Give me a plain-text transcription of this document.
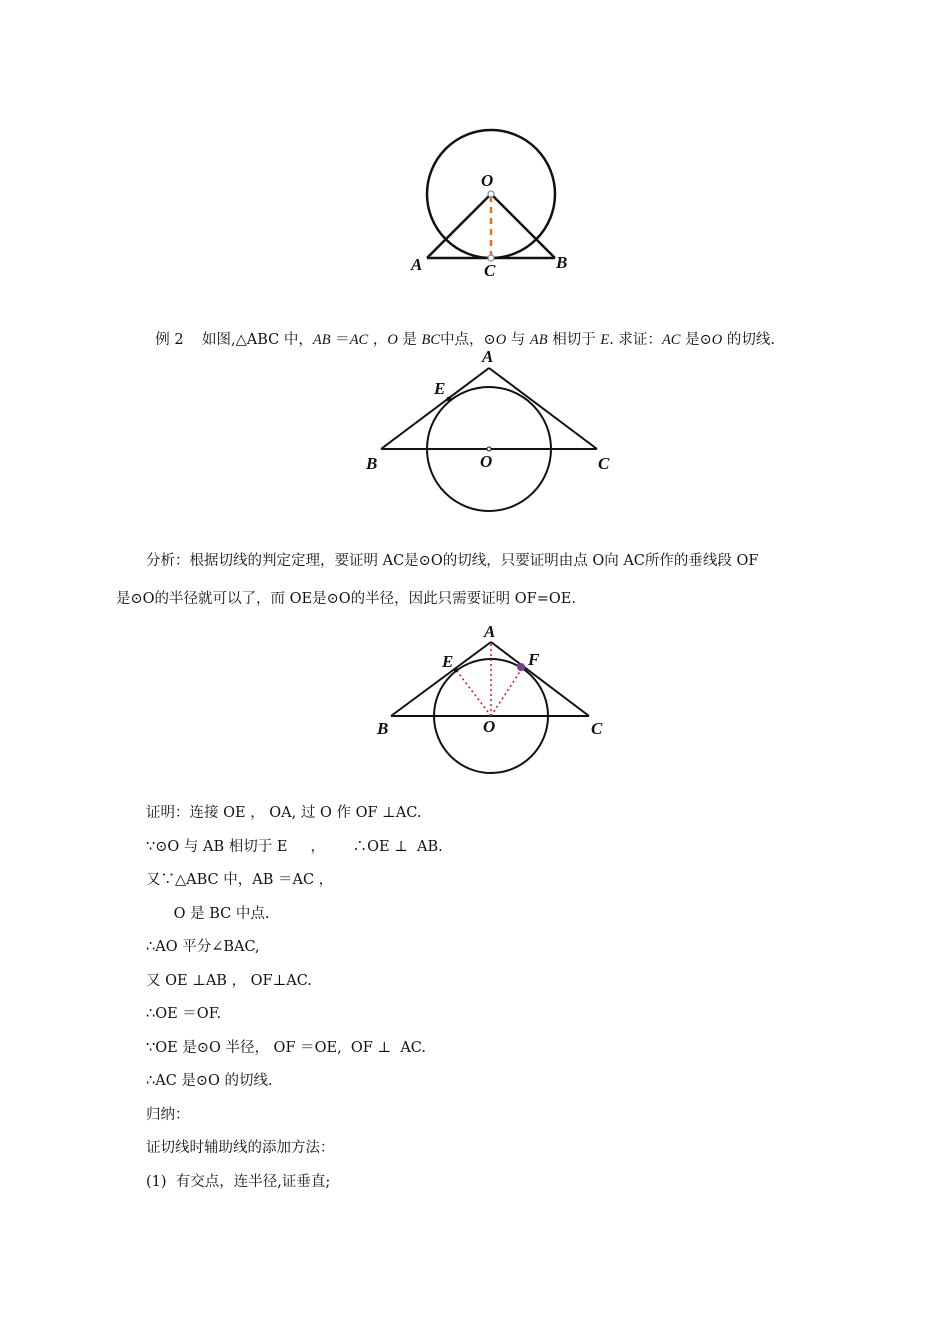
O
A	B
C

例 2    如图,△ABC 中，AB ＝AC ，O 是 BC中点，⊙O 与 AB 相切于 E. 求证：AC 是⊙O 的切线.

A
E
B	O	C
分析：根据切线的判定定理，要证明 AC是⊙O的切线，只要证明由点 O向 AC所作的垂线段 OF
是⊙O的半径就可以了，而 OE是⊙O的半径，因此只需要证明 OF=OE.
A
E	F
B	O	C
证明：连接 OE ， OA, 过 O 作 OF ⊥AC.
∵⊙O 与 AB 相切于 E     ，      ∴OE ⊥  AB.
又∵△ABC 中，AB ＝AC ，
O 是 BC 中点.
∴AO 平分∠BAC,
又 OE ⊥AB ， OF⊥AC.
∴OE ＝OF.
∵OE 是⊙O 半径， OF ＝OE,  OF ⊥  AC.
∴AC 是⊙O 的切线.
归纳：
证切线时辅助线的添加方法：
(1)  有交点，连半径,证垂直;
